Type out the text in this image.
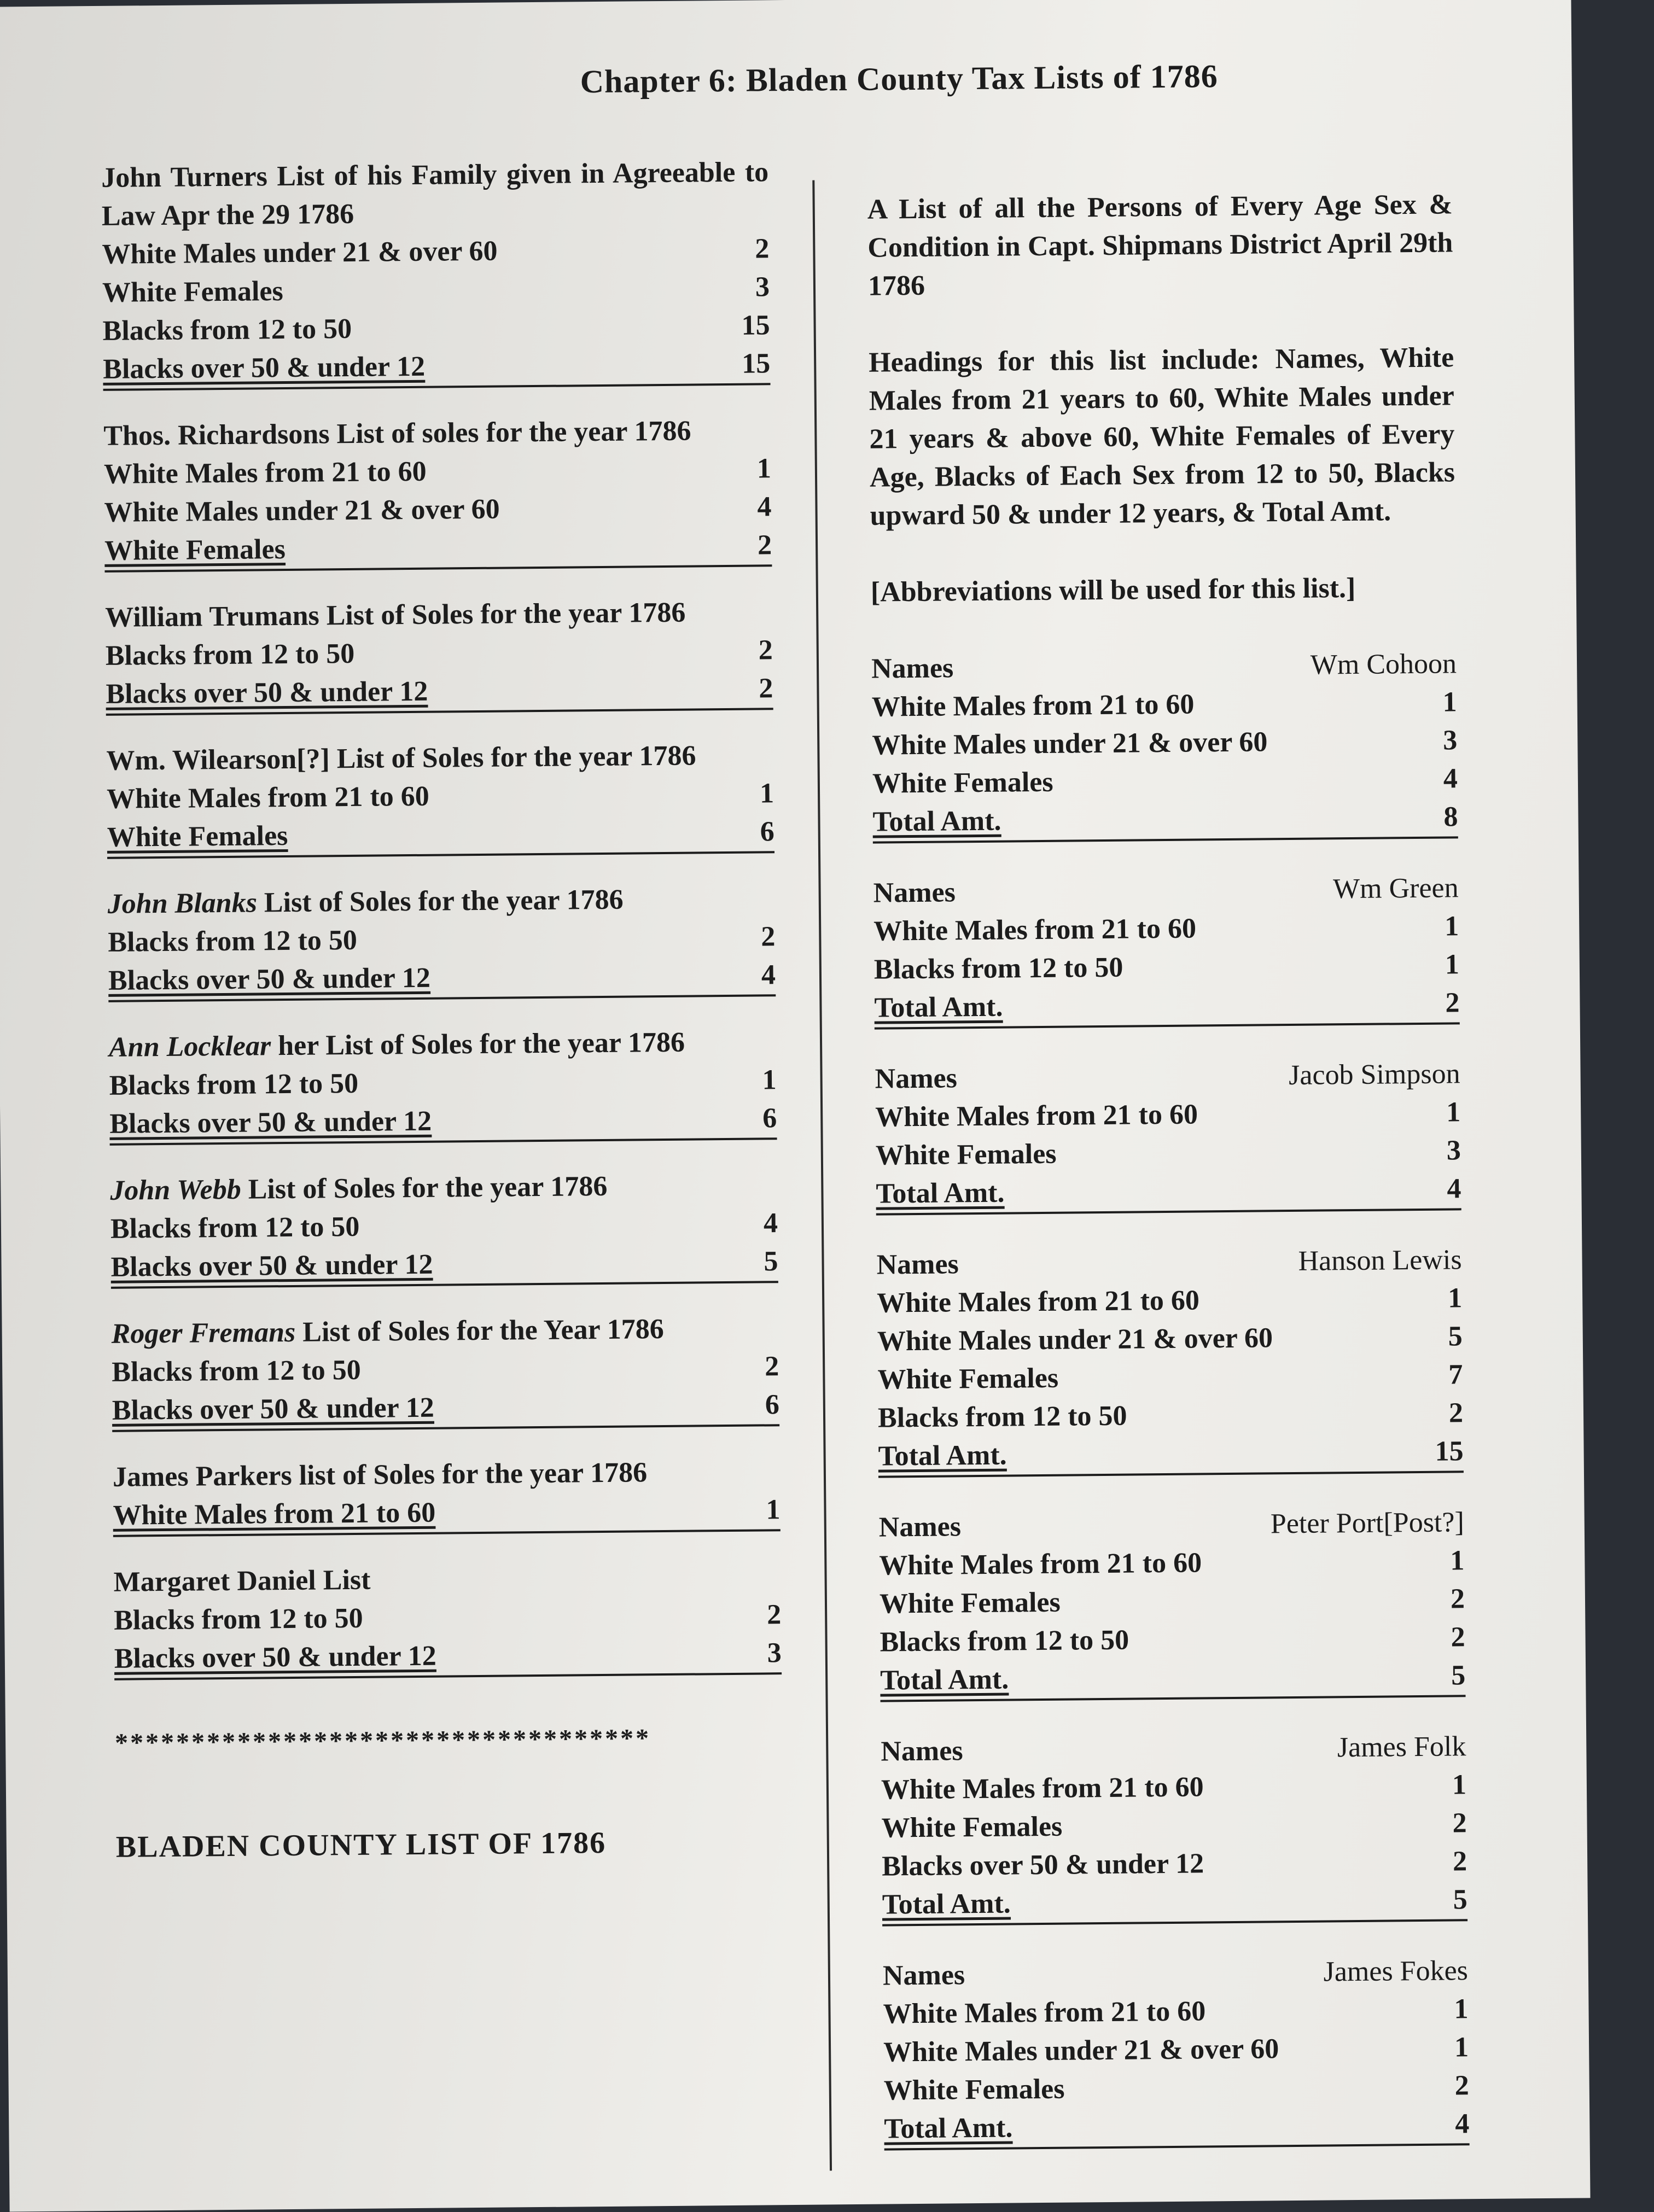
Chapter 6: Bladen County Tax Lists of 1786
John Turners List of his Family given in Agreeable to Law Apr the 29 1786
White Males under 21 & over 60	2
White Females	3
Blacks from 12 to 50	15
Blacks over 50 & under 12	15
Thos. Richardsons List of soles for the year 1786
White Males from 21 to 60	1
White Males under 21 & over 60	4
White Females	2
William Trumans List of Soles for the year 1786
Blacks from 12 to 50	2
Blacks over 50 & under 12	2
Wm. Wilearson[?] List of Soles for the year 1786
White Males from 21 to 60	1
White Females	6
John Blanks List of Soles for the year 1786
Blacks from 12 to 50	2
Blacks over 50 & under 12	4
Ann Locklear her List of Soles for the year 1786
Blacks from 12 to 50	1
Blacks over 50 & under 12	6
John Webb List of Soles for the year 1786
Blacks from 12 to 50	4
Blacks over 50 & under 12	5
Roger Fremans List of Soles for the Year 1786
Blacks from 12 to 50	2
Blacks over 50 & under 12	6
James Parkers list of Soles for the year 1786
White Males from 21 to 60	1
Margaret Daniel List
Blacks from 12 to 50	2
Blacks over 50 & under 12	3
***********************************
BLADEN COUNTY LIST OF 1786
A List of all the Persons of Every Age Sex & Condition in Capt. Shipmans District April 29th 1786
Headings for this list include: Names, White Males from 21 years to 60, White Males under 21 years & above 60, White Females of Every Age, Blacks of Each Sex from 12 to 50, Blacks upward 50 & under 12 years, & Total Amt.
[Abbreviations will be used for this list.]
Names	Wm Cohoon
White Males from 21 to 60	1
White Males under 21 & over 60	3
White Females	4
Total Amt.	8
Names	Wm Green
White Males from 21 to 60	1
Blacks from 12 to 50	1
Total Amt.	2
Names	Jacob Simpson
White Males from 21 to 60	1
White Females	3
Total Amt.	4
Names	Hanson Lewis
White Males from 21 to 60	1
White Males under 21 & over 60	5
White Females	7
Blacks from 12 to 50	2
Total Amt.	15
Names	Peter Port[Post?]
White Males from 21 to 60	1
White Females	2
Blacks from 12 to 50	2
Total Amt.	5
Names	James Folk
White Males from 21 to 60	1
White Females	2
Blacks over 50 & under 12	2
Total Amt.	5
Names	James Fokes
White Males from 21 to 60	1
White Males under 21 & over 60	1
White Females	2
Total Amt.	4
